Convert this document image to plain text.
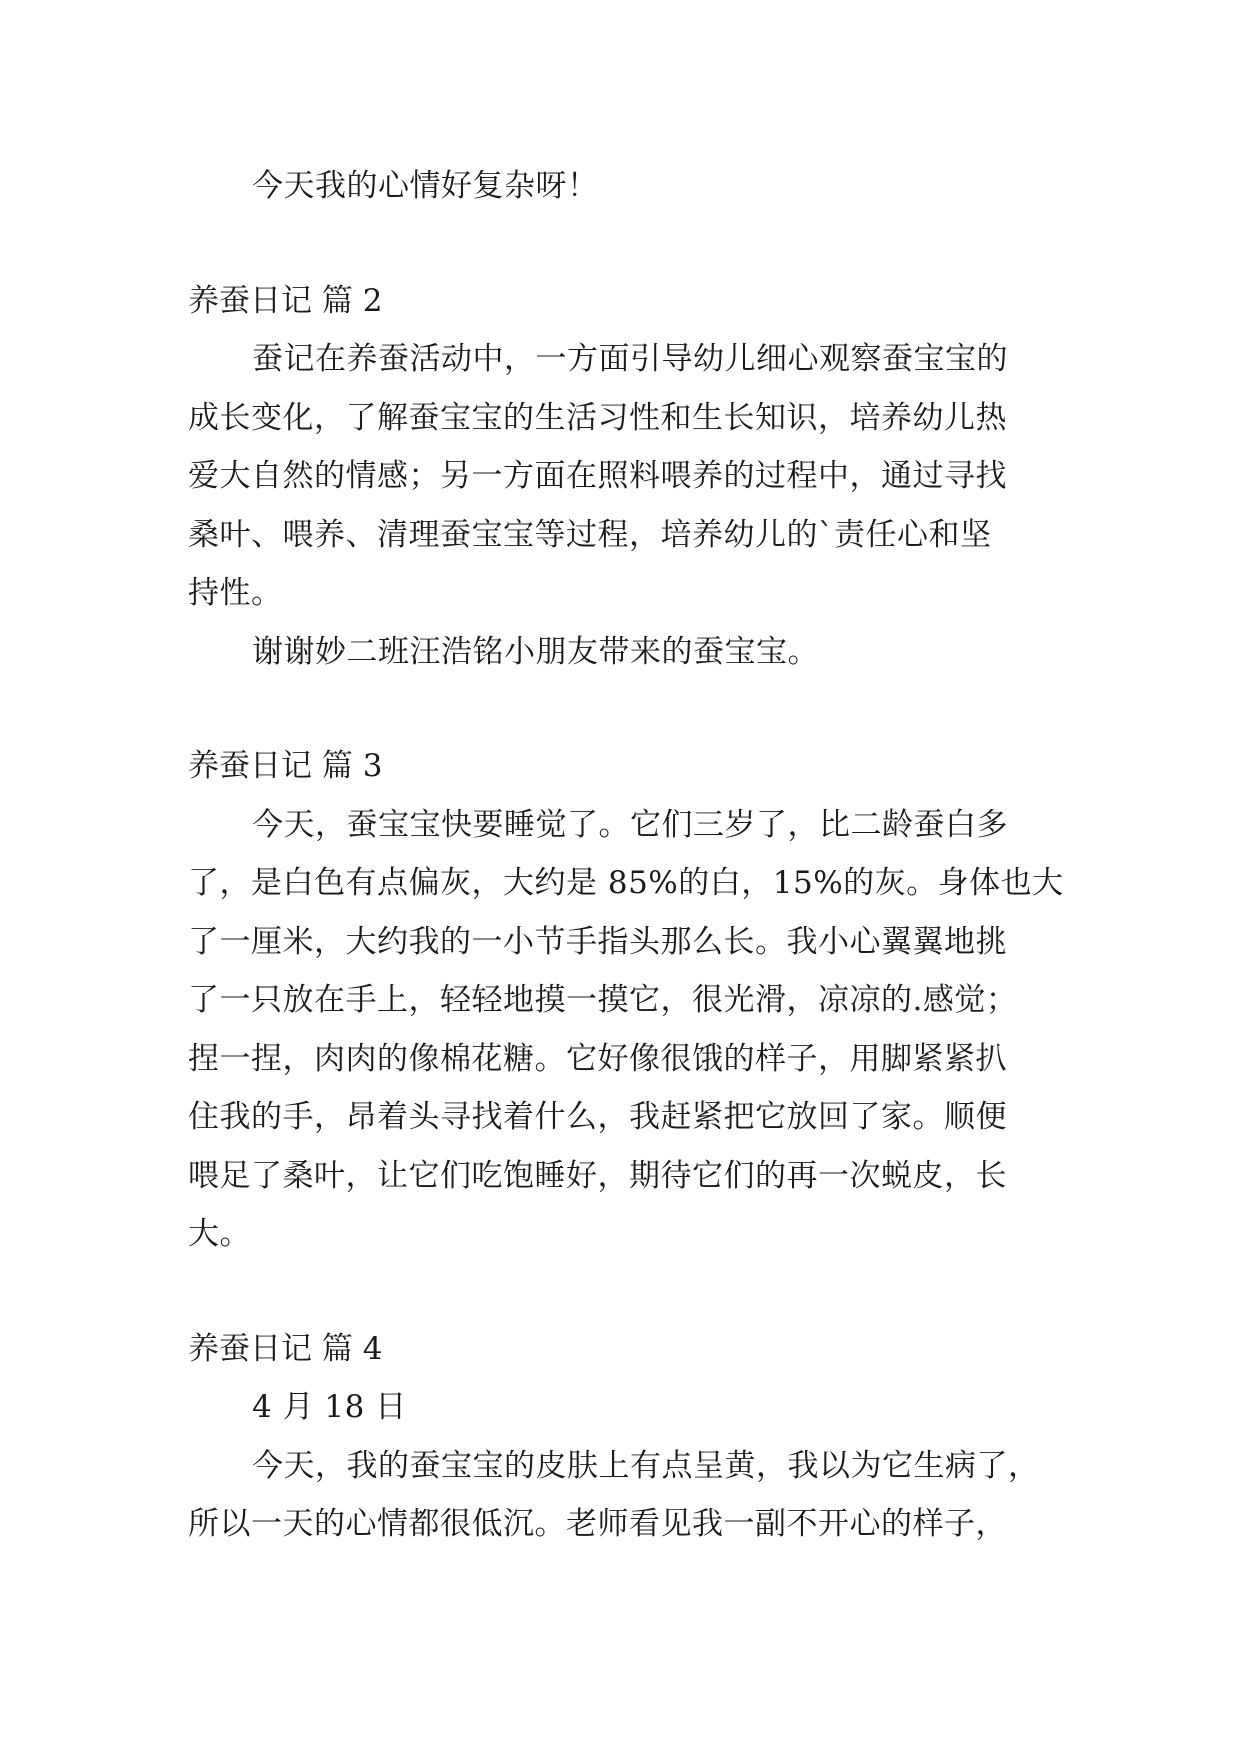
今天我的心情好复杂呀！
养蚕日记 篇 2
蚕记在养蚕活动中，一方面引导幼儿细心观察蚕宝宝的
成长变化，了解蚕宝宝的生活习性和生长知识，培养幼儿热
爱大自然的情感；另一方面在照料喂养的过程中，通过寻找
桑叶、喂养、清理蚕宝宝等过程，培养幼儿的`责任心和坚
持性。
谢谢妙二班汪浩铭小朋友带来的蚕宝宝。
养蚕日记 篇 3
今天，蚕宝宝快要睡觉了。它们三岁了，比二龄蚕白多
了，是白色有点偏灰，大约是 85%的白，15%的灰。身体也大
了一厘米，大约我的一小节手指头那么长。我小心翼翼地挑
了一只放在手上，轻轻地摸一摸它，很光滑，凉凉的.感觉；
捏一捏，肉肉的像棉花糖。它好像很饿的样子，用脚紧紧扒
住我的手，昂着头寻找着什么，我赶紧把它放回了家。顺便
喂足了桑叶，让它们吃饱睡好，期待它们的再一次蜕皮，长
大。
养蚕日记 篇 4
4 月 18 日
今天，我的蚕宝宝的皮肤上有点呈黄，我以为它生病了，
所以一天的心情都很低沉。老师看见我一副不开心的样子，
